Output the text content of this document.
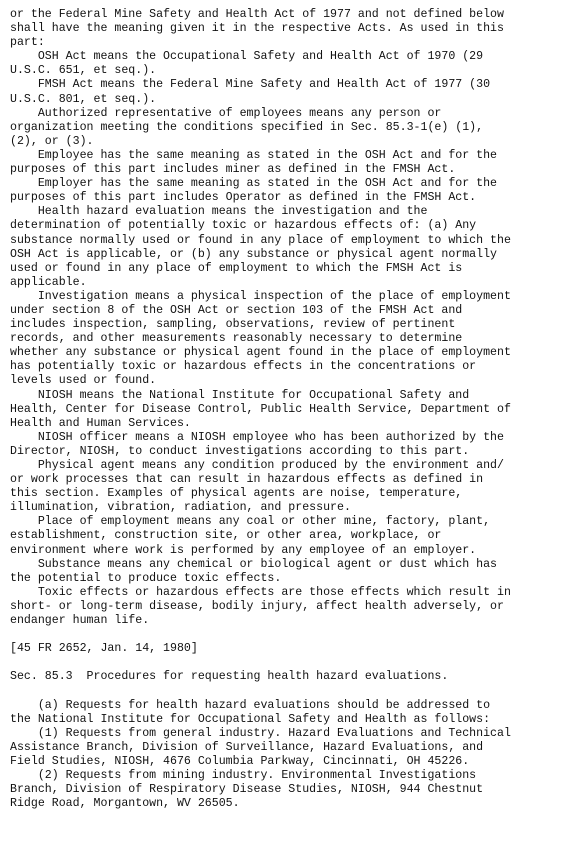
or the Federal Mine Safety and Health Act of 1977 and not defined below
shall have the meaning given it in the respective Acts. As used in this
part:
OSH Act means the Occupational Safety and Health Act of 1970 (29
U.S.C. 651, et seq.).
FMSH Act means the Federal Mine Safety and Health Act of 1977 (30
U.S.C. 801, et seq.).
Authorized representative of employees means any person or
organization meeting the conditions specified in Sec. 85.3-1(e) (1),
(2), or (3).
Employee has the same meaning as stated in the OSH Act and for the
purposes of this part includes miner as defined in the FMSH Act.
Employer has the same meaning as stated in the OSH Act and for the
purposes of this part includes Operator as defined in the FMSH Act.
Health hazard evaluation means the investigation and the
determination of potentially toxic or hazardous effects of: (a) Any
substance normally used or found in any place of employment to which the
OSH Act is applicable, or (b) any substance or physical agent normally
used or found in any place of employment to which the FMSH Act is
applicable.
Investigation means a physical inspection of the place of employment
under section 8 of the OSH Act or section 103 of the FMSH Act and
includes inspection, sampling, observations, review of pertinent
records, and other measurements reasonably necessary to determine
whether any substance or physical agent found in the place of employment
has potentially toxic or hazardous effects in the concentrations or
levels used or found.
NIOSH means the National Institute for Occupational Safety and
Health, Center for Disease Control, Public Health Service, Department of
Health and Human Services.
NIOSH officer means a NIOSH employee who has been authorized by the
Director, NIOSH, to conduct investigations according to this part.
Physical agent means any condition produced by the environment and/
or work processes that can result in hazardous effects as defined in
this section. Examples of physical agents are noise, temperature,
illumination, vibration, radiation, and pressure.
Place of employment means any coal or other mine, factory, plant,
establishment, construction site, or other area, workplace, or
environment where work is performed by any employee of an employer.
Substance means any chemical or biological agent or dust which has
the potential to produce toxic effects.
Toxic effects or hazardous effects are those effects which result in
short- or long-term disease, bodily injury, affect health adversely, or
endanger human life.
[45 FR 2652, Jan. 14, 1980]
Sec. 85.3  Procedures for requesting health hazard evaluations.
(a) Requests for health hazard evaluations should be addressed to
the National Institute for Occupational Safety and Health as follows:
(1) Requests from general industry. Hazard Evaluations and Technical
Assistance Branch, Division of Surveillance, Hazard Evaluations, and
Field Studies, NIOSH, 4676 Columbia Parkway, Cincinnati, OH 45226.
(2) Requests from mining industry. Environmental Investigations
Branch, Division of Respiratory Disease Studies, NIOSH, 944 Chestnut
Ridge Road, Morgantown, WV 26505.
